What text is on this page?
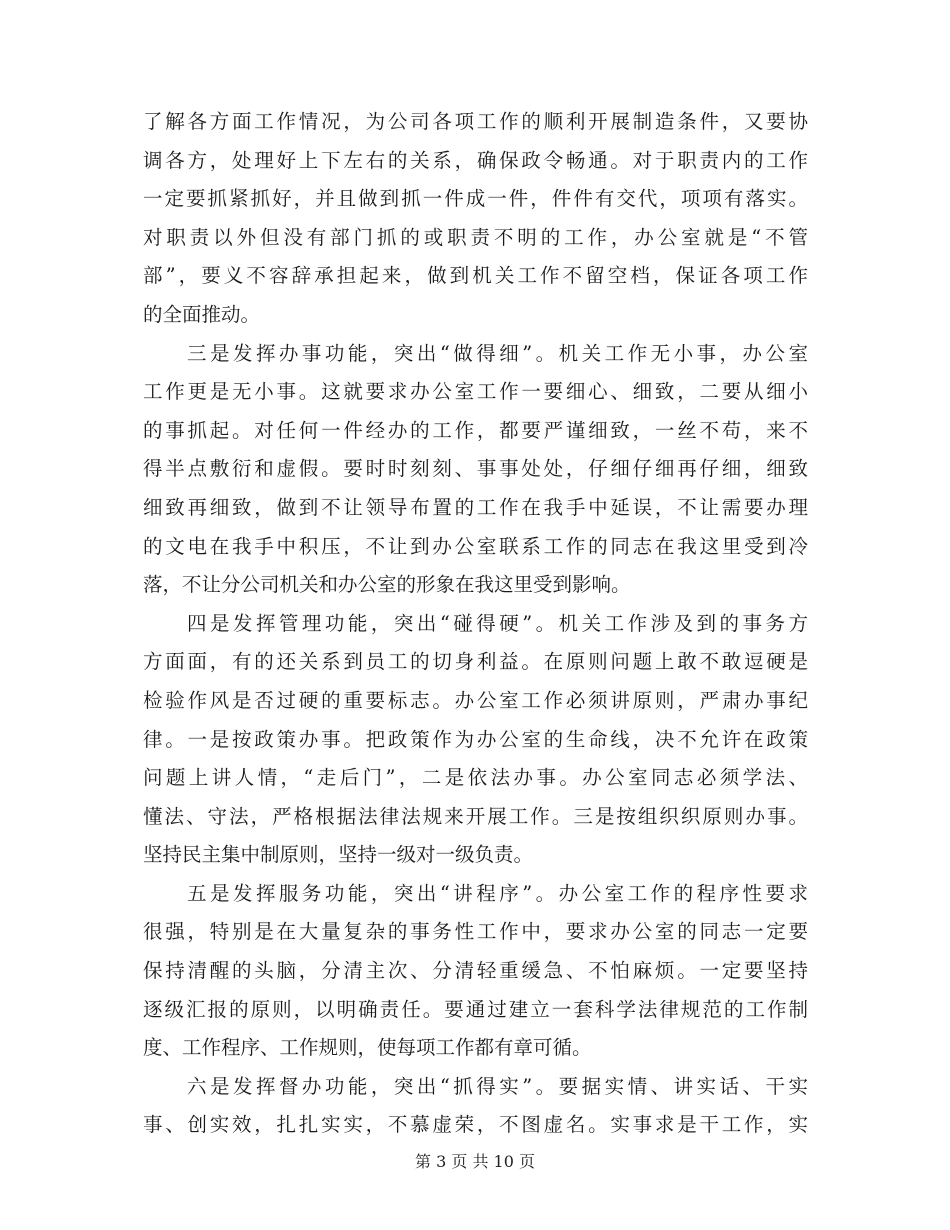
了解各方面工作情况，为公司各项工作的顺利开展制造条件，又要协
调各方，处理好上下左右的关系，确保政令畅通。对于职责内的工作
一定要抓紧抓好，并且做到抓一件成一件，件件有交代，项项有落实。
对职责以外但没有部门抓的或职责不明的工作，办公室就是“不管
部”，要义不容辞承担起来，做到机关工作不留空档，保证各项工作
的全面推动。
三是发挥办事功能，突出“做得细”。机关工作无小事，办公室
工作更是无小事。这就要求办公室工作一要细心、细致，二要从细小
的事抓起。对任何一件经办的工作，都要严谨细致，一丝不苟，来不
得半点敷衍和虚假。要时时刻刻、事事处处，仔细仔细再仔细，细致
细致再细致，做到不让领导布置的工作在我手中延误，不让需要办理
的文电在我手中积压，不让到办公室联系工作的同志在我这里受到冷
落，不让分公司机关和办公室的形象在我这里受到影响。
四是发挥管理功能，突出“碰得硬”。机关工作涉及到的事务方
方面面，有的还关系到员工的切身利益。在原则问题上敢不敢逗硬是
检验作风是否过硬的重要标志。办公室工作必须讲原则，严肃办事纪
律。一是按政策办事。把政策作为办公室的生命线，决不允许在政策
问题上讲人情，“走后门”，二是依法办事。办公室同志必须学法、
懂法、守法，严格根据法律法规来开展工作。三是按组织织原则办事。
坚持民主集中制原则，坚持一级对一级负责。
五是发挥服务功能，突出“讲程序”。办公室工作的程序性要求
很强，特别是在大量复杂的事务性工作中，要求办公室的同志一定要
保持清醒的头脑，分清主次、分清轻重缓急、不怕麻烦。一定要坚持
逐级汇报的原则，以明确责任。要通过建立一套科学法律规范的工作制
度、工作程序、工作规则，使每项工作都有章可循。
六是发挥督办功能，突出“抓得实”。要据实情、讲实话、干实
事、创实效，扎扎实实，不慕虚荣，不图虚名。实事求是干工作，实
第 3 页 共 10 页
